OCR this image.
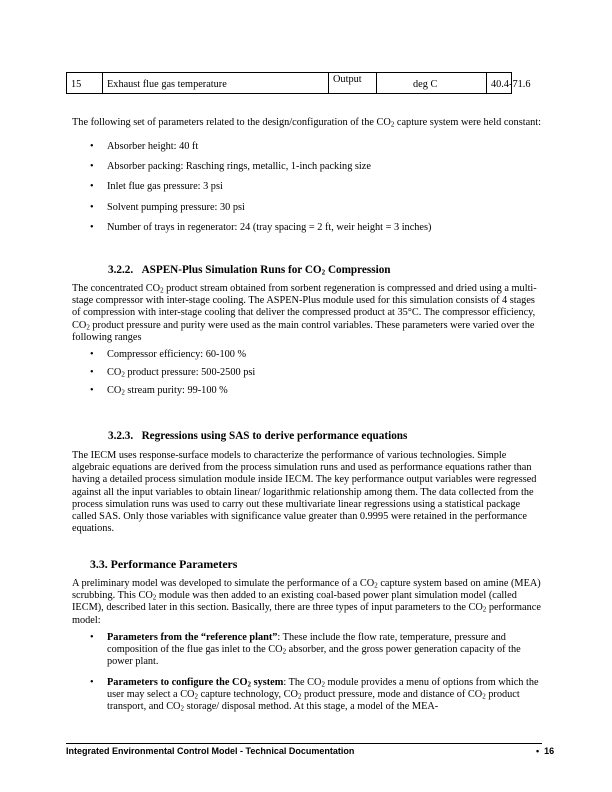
15 Exhaust flue gas temperature	Output	deg C	40.4-71.6

The following set of parameters related to the design/configuration of the $CO_2$ capture system were held constant:

• Absorber height: 40 ft
• Absorber packing: Rasching rings, metallic, 1-inch packing size
• Inlet flue gas pressure: 3 psi
• Solvent pumping pressure: 30 psi
• Number of trays in regenerator: 24 (tray spacing = 2 ft, weir height = 3 inches)
3.2.2. ASPEN-Plus Simulation Runs for $CO_2$ Compression

The concentrated $CO_2$ product stream obtained from sorbent regeneration is compressed and dried using a multi-stage compressor with inter-stage cooling. The ASPEN-Plus module used for this simulation consists of 4 stages of compression with inter-stage cooling that deliver the compressed product at 35°C. The compressor efficiency, $CO_2$ product pressure and purity were used as the main control variables. These parameters were varied over the following ranges

• Compressor efficiency: 60-100 %
• $CO_2$ product pressure: 500-2500 psi
• $CO_2$ stream purity: 99-100 %
3.2.3. Regressions using SAS to derive performance equations

The IECM uses response-surface models to characterize the performance of various technologies. Simple algebraic equations are derived from the process simulation runs and used as performance equations rather than having a detailed process simulation module inside IECM. The key performance output variables were regressed against all the input variables to obtain linear/ logarithmic relationship among them. The data collected from the process simulation runs was used to carry out these multivariate linear regressions using a statistical package called SAS. Only those variables with significance value greater than 0.9995 were retained in the performance equations.

3.3. Performance Parameters

A preliminary model was developed to simulate the performance of a $CO_2$ capture system based on amine (MEA) scrubbing. This $CO_2$ module was then added to an existing coal-based power plant simulation model (called IECM), described later in this section. Basically, there are three types of input parameters to the $CO_2$ performance model:

• Parameters from the “reference plant”: These include the flow rate, temperature, pressure and composition of the flue gas inlet to the $CO_2$ absorber, and the gross power generation capacity of the power plant.
• Parameters to configure the $CO_2$ system: The $CO_2$ module provides a menu of options from which the user may select a $CO_2$ capture technology, $CO_2$ product pressure, mode and distance of $CO_2$ product transport, and $CO_2$ storage/ disposal method. At this stage, a model of the MEA-
Integrated Environmental Control Model - Technical Documentation	• 16
